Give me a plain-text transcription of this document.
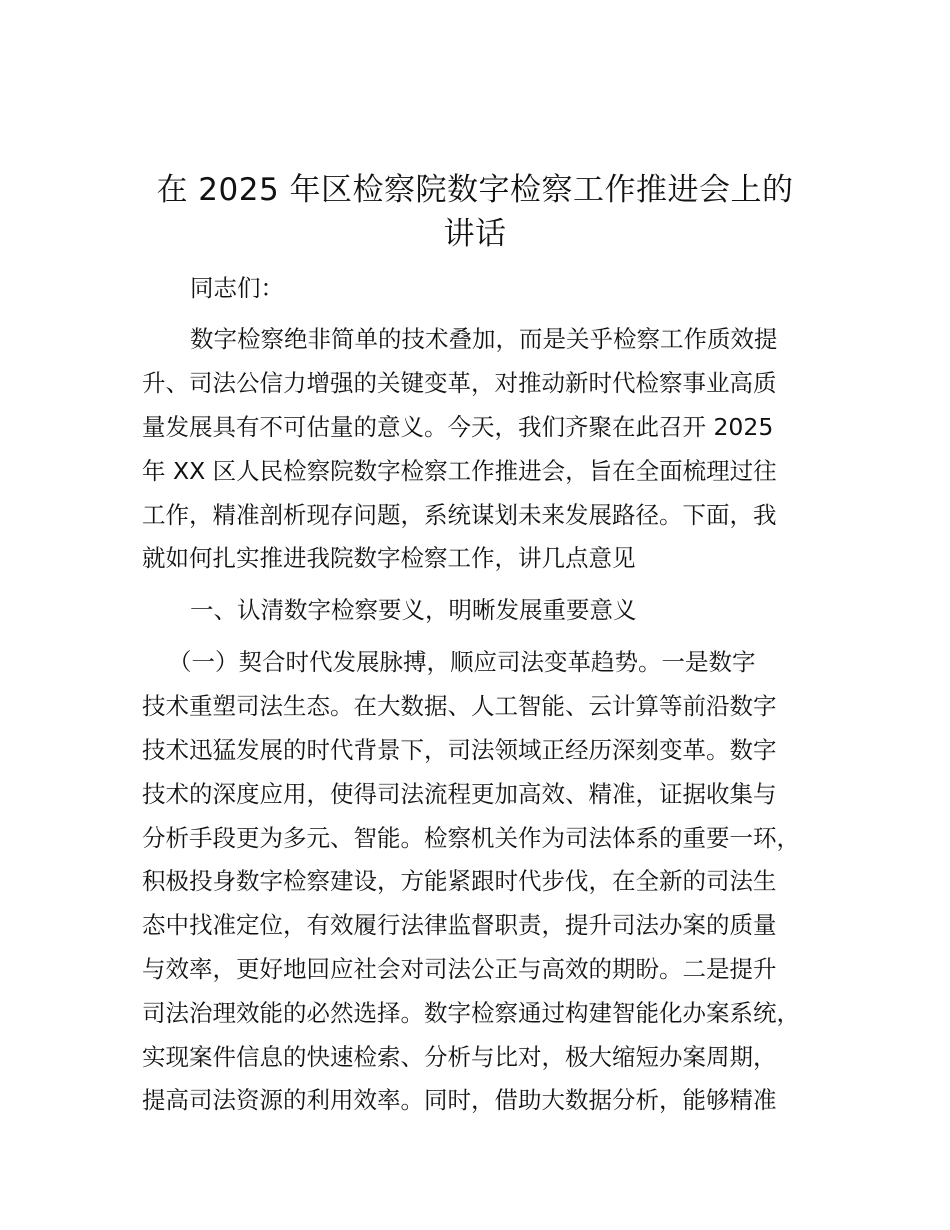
在 2025 年区检察院数字检察工作推进会上的
讲话

同志们：

数字检察绝非简单的技术叠加，而是关乎检察工作质效提

升、司法公信力增强的关键变革，对推动新时代检察事业高质

量发展具有不可估量的意义。今天，我们齐聚在此召开 2025

年 XX 区人民检察院数字检察工作推进会，旨在全面梳理过往

工作，精准剖析现存问题，系统谋划未来发展路径。下面，我

就如何扎实推进我院数字检察工作，讲几点意见

一、认清数字检察要义，明晰发展重要意义

（一）契合时代发展脉搏，顺应司法变革趋势。一是数字

技术重塑司法生态。在大数据、人工智能、云计算等前沿数字

技术迅猛发展的时代背景下，司法领域正经历深刻变革。数字

技术的深度应用，使得司法流程更加高效、精准，证据收集与

分析手段更为多元、智能。检察机关作为司法体系的重要一环，

积极投身数字检察建设，方能紧跟时代步伐，在全新的司法生

态中找准定位，有效履行法律监督职责，提升司法办案的质量

与效率，更好地回应社会对司法公正与高效的期盼。二是提升

司法治理效能的必然选择。数字检察通过构建智能化办案系统，

实现案件信息的快速检索、分析与比对，极大缩短办案周期，

提高司法资源的利用效率。同时，借助大数据分析，能够精准
